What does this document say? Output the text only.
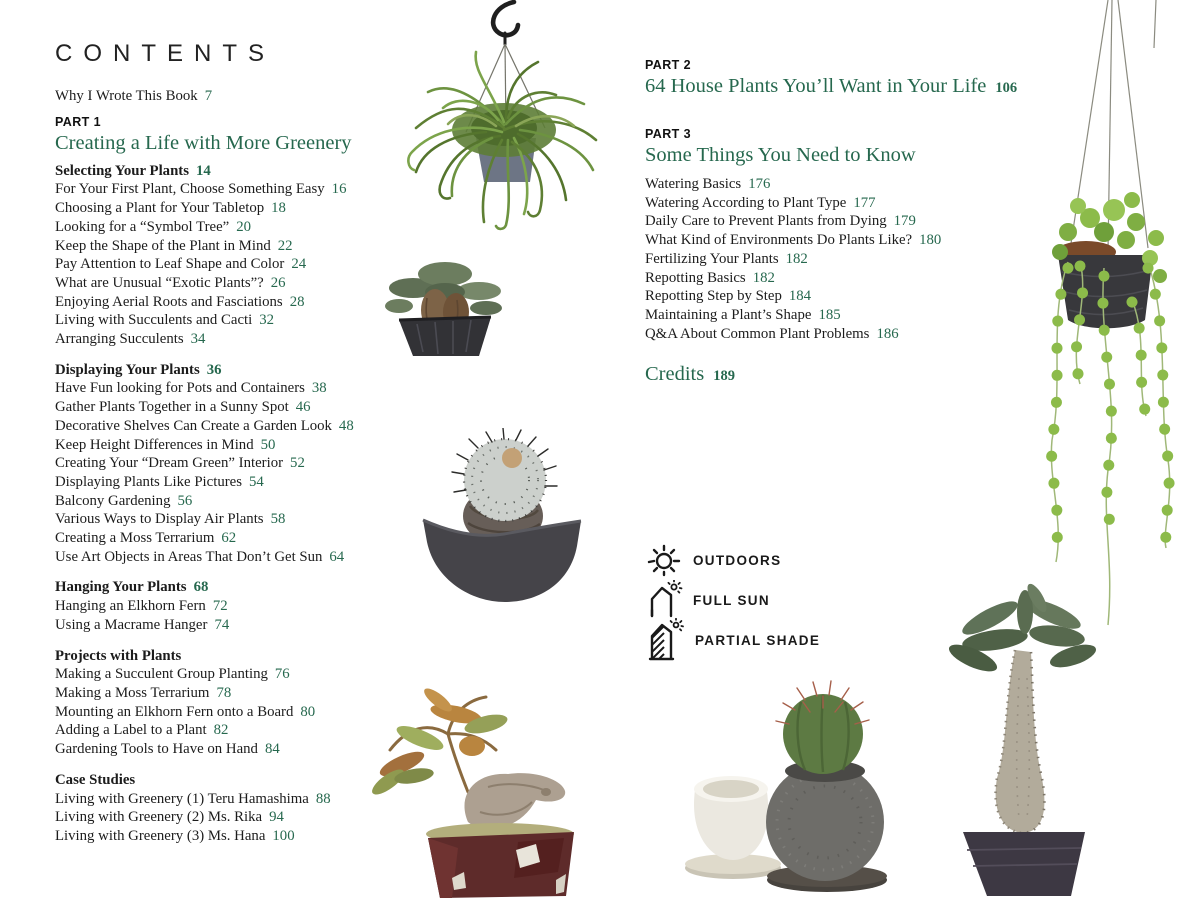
CONTENTS

Why I Wrote This Book 7

PART 1
Creating a Life with More Greenery

Selecting Your Plants 14

For Your First Plant, Choose Something Easy 16

Choosing a Plant for Your Tabletop 18

Looking for a “Symbol Tree” 20

Keep the Shape of the Plant in Mind 22

Pay Attention to Leaf Shape and Color 24

What are Unusual “Exotic Plants”? 26

Enjoying Aerial Roots and Fasciations 28

Living with Succulents and Cacti 32

Arranging Succulents 34

Displaying Your Plants 36

Have Fun looking for Pots and Containers 38

Gather Plants Together in a Sunny Spot 46

Decorative Shelves Can Create a Garden Look 48

Keep Height Differences in Mind 50

Creating Your “Dream Green” Interior 52

Displaying Plants Like Pictures 54

Balcony Gardening 56

Various Ways to Display Air Plants 58

Creating a Moss Terrarium 62

Use Art Objects in Areas That Don’t Get Sun 64

Hanging Your Plants 68

Hanging an Elkhorn Fern 72

Using a Macrame Hanger 74

Projects with Plants

Making a Succulent Group Planting 76

Making a Moss Terrarium 78

Mounting an Elkhorn Fern onto a Board 80

Adding a Label to a Plant 82

Gardening Tools to Have on Hand 84

Case Studies

Living with Greenery (1) Teru Hamashima 88

Living with Greenery (2) Ms. Rika 94

Living with Greenery (3) Ms. Hana 100

PART 2
64 House Plants You’ll Want in Your Life 106
PART 3
Some Things You Need to Know

Watering Basics 176

Watering According to Plant Type 177

Daily Care to Prevent Plants from Dying 179

What Kind of Environments Do Plants Like? 180

Fertilizing Your Plants 182

Repotting Basics 182

Repotting Step by Step 184

Maintaining a Plant’s Shape 185

Q&A About Common Plant Problems 186

Credits 189
OUTDOORS
FULL SUN
PARTIAL SHADE
